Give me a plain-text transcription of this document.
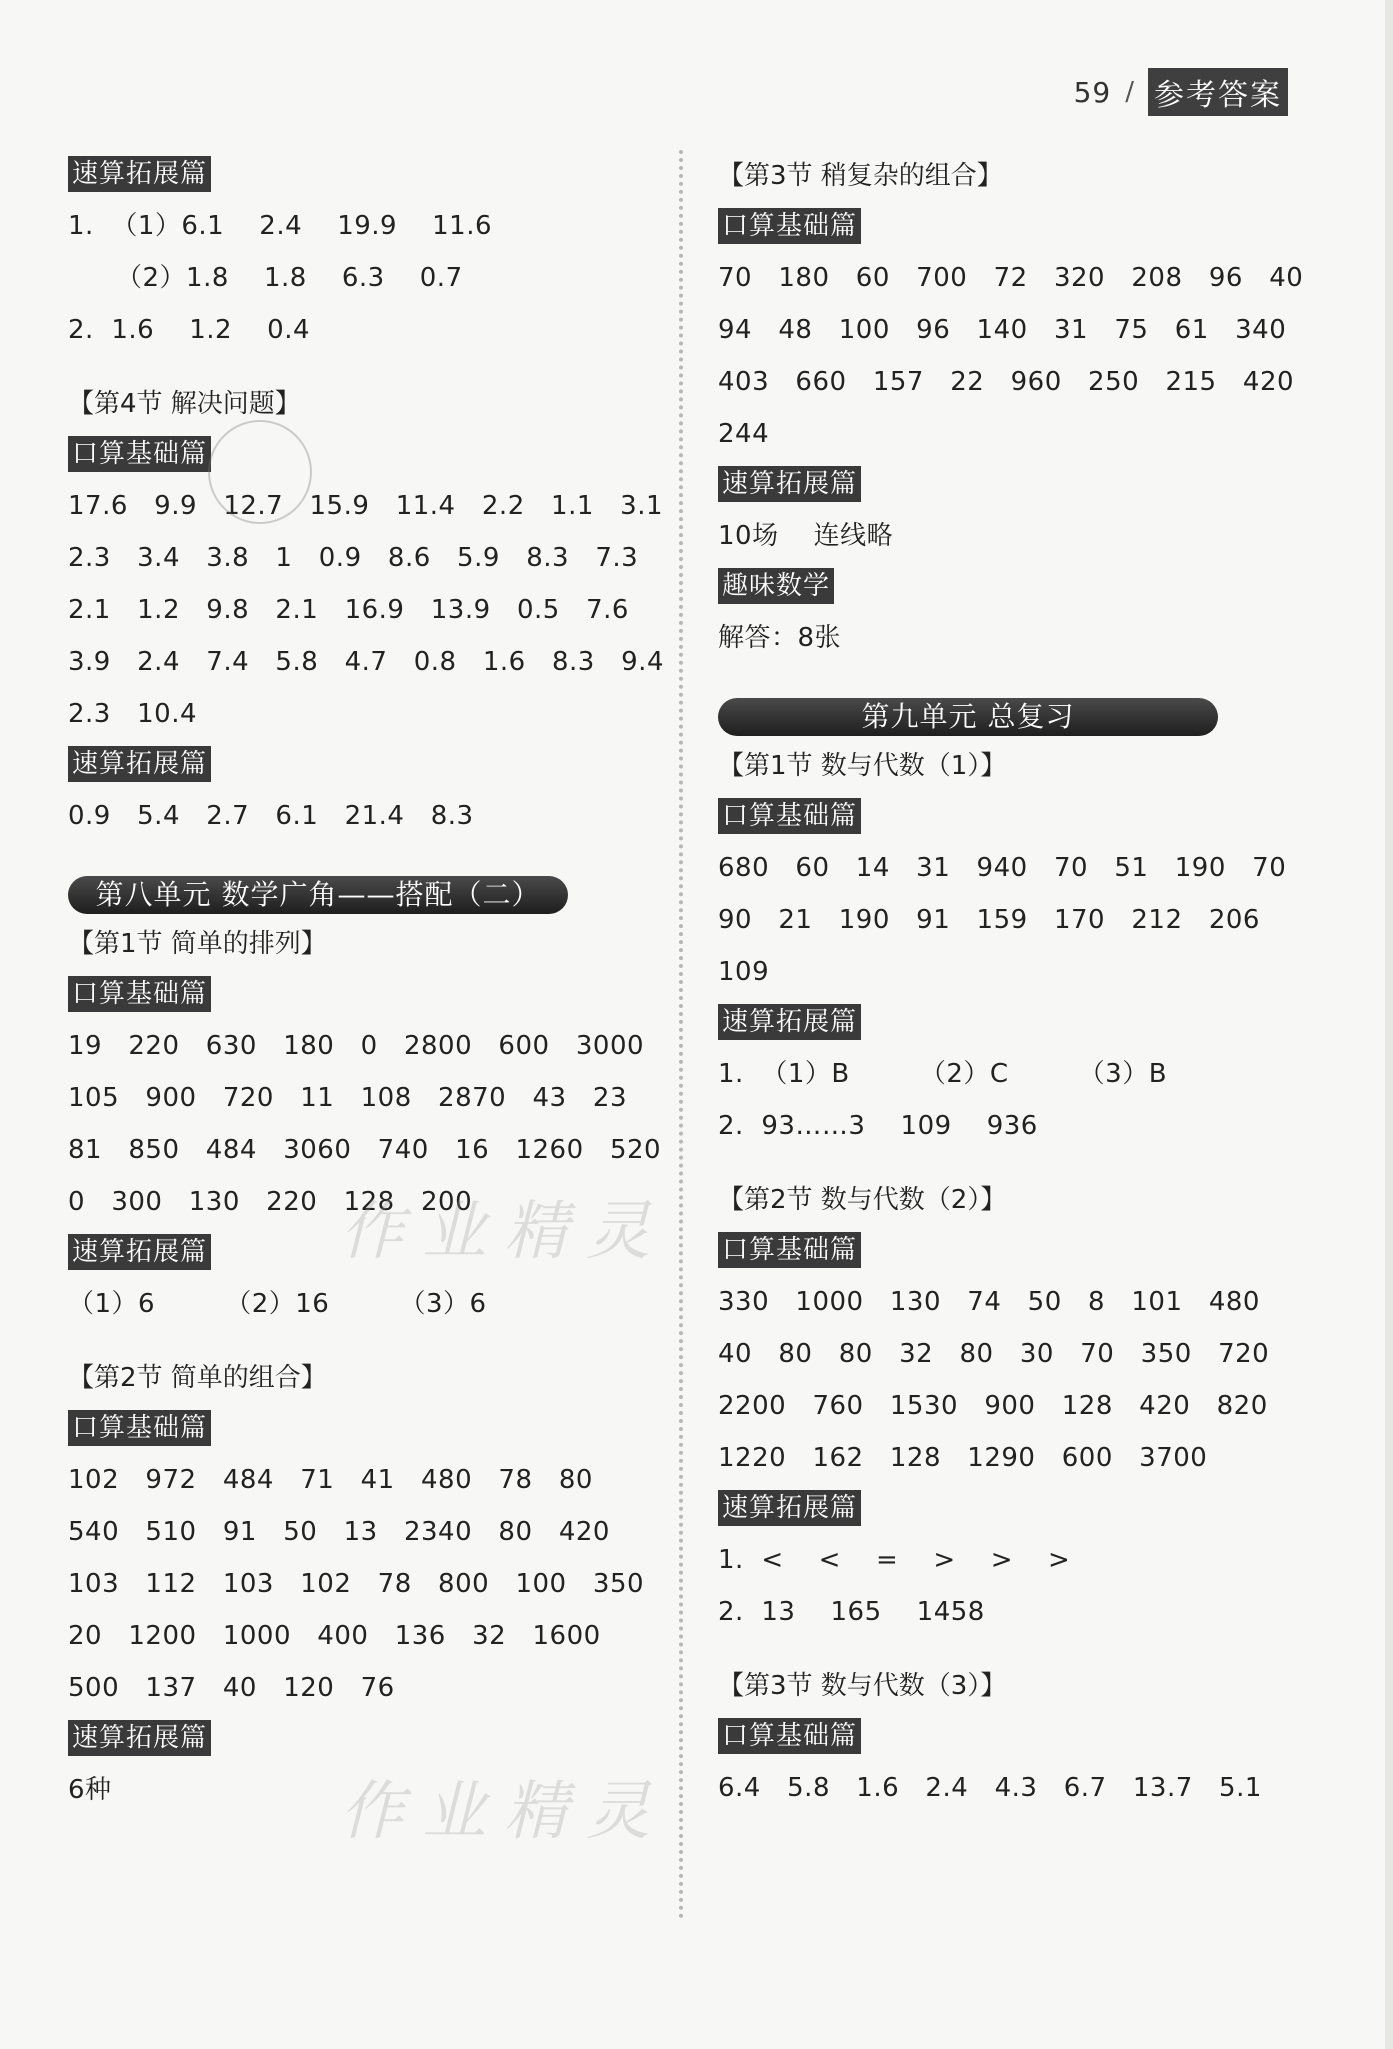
59 / 参考答案
速算拓展篇
1.  （1）6.1    2.4    19.9    11.6
（2）1.8    1.8    6.3    0.7
2.  1.6    1.2    0.4
【第4节 解决问题】
口算基础篇
17.6   9.9   12.7   15.9   11.4   2.2   1.1   3.1
2.3   3.4   3.8   1   0.9   8.6   5.9   8.3   7.3
2.1   1.2   9.8   2.1   16.9   13.9   0.5   7.6
3.9   2.4   7.4   5.8   4.7   0.8   1.6   8.3   9.4
2.3   10.4
速算拓展篇
0.9   5.4   2.7   6.1   21.4   8.3
第八单元 数学广角——搭配（二）
【第1节 简单的排列】
口算基础篇
19   220   630   180   0   2800   600   3000
105   900   720   11   108   2870   43   23
81   850   484   3060   740   16   1260   520
0   300   130   220   128   200
速算拓展篇
（1）6        （2）16        （3）6
【第2节 简单的组合】
口算基础篇
102   972   484   71   41   480   78   80
540   510   91   50   13   2340   80   420
103   112   103   102   78   800   100   350
20   1200   1000   400   136   32   1600
500   137   40   120   76
速算拓展篇
6种
【第3节 稍复杂的组合】
口算基础篇
70   180   60   700   72   320   208   96   40
94   48   100   96   140   31   75   61   340
403   660   157   22   960   250   215   420
244
速算拓展篇
10场    连线略
趣味数学
解答：8张
第九单元 总复习
【第1节 数与代数（1）】
口算基础篇
680   60   14   31   940   70   51   190   70
90   21   190   91   159   170   212   206
109
速算拓展篇
1.  （1）B        （2）C        （3）B
2.  93……3    109    936
【第2节 数与代数（2）】
口算基础篇
330   1000   130   74   50   8   101   480
40   80   80   32   80   30   70   350   720
2200   760   1530   900   128   420   820
1220   162   128   1290   600   3700
速算拓展篇
1.  <    <    =    >    >    >
2.  13    165    1458
【第3节 数与代数（3）】
口算基础篇
6.4   5.8   1.6   2.4   4.3   6.7   13.7   5.1
作业精灵
作业精灵
